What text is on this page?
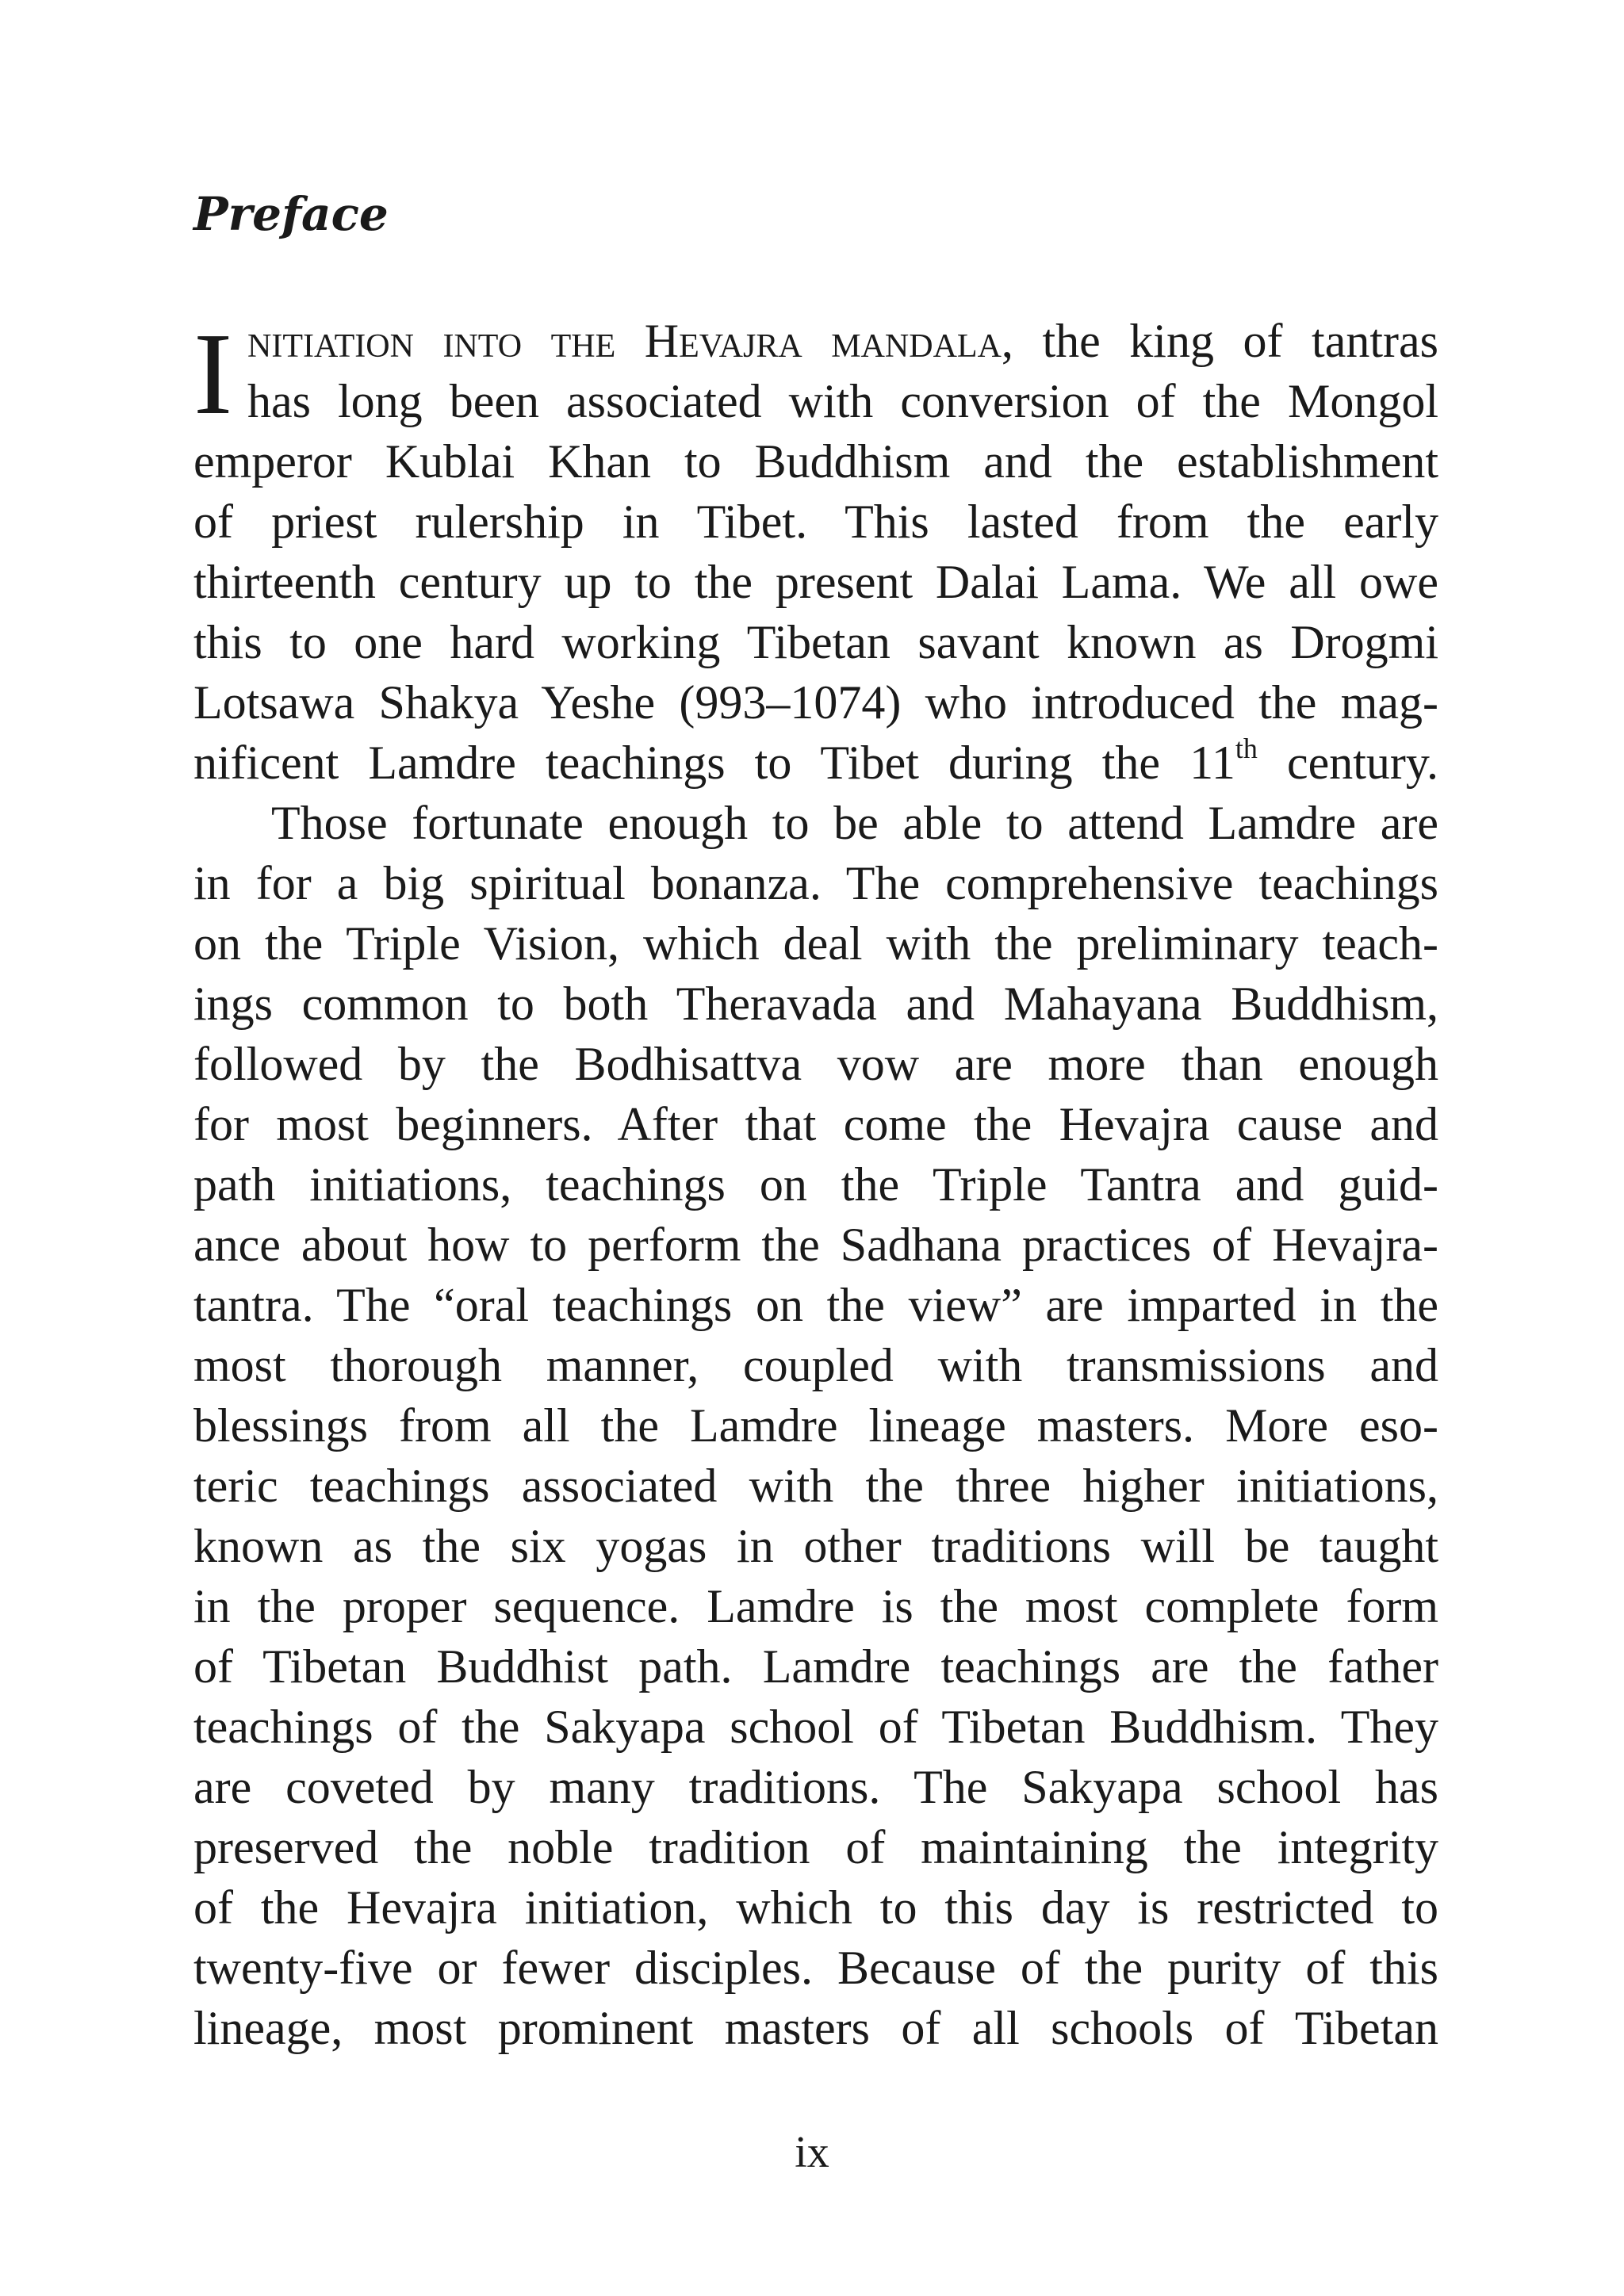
Preface
I nitiation into the Hevajra mandala, the king of tantras
has long been associated with conversion of the Mongol
emperor Kublai Khan to Buddhism and the establishment
of priest rulership in Tibet. This lasted from the early
thirteenth century up to the present Dalai Lama. We all owe
this to one hard working Tibetan savant known as Drogmi
Lotsawa Shakya Yeshe (993–1074) who introduced the mag-
nificent Lamdre teachings to Tibet during the 11th century.
Those fortunate enough to be able to attend Lamdre are
in for a big spiritual bonanza. The comprehensive teachings
on the Triple Vision, which deal with the preliminary teach-
ings common to both Theravada and Mahayana Buddhism,
followed by the Bodhisattva vow are more than enough
for most beginners. After that come the Hevajra cause and
path initiations, teachings on the Triple Tantra and guid-
ance about how to perform the Sadhana practices of Hevajra-
tantra. The “oral teachings on the view” are imparted in the
most thorough manner, coupled with transmissions and
blessings from all the Lamdre lineage masters. More eso-
teric teachings associated with the three higher initiations,
known as the six yogas in other traditions will be taught
in the proper sequence. Lamdre is the most complete form
of Tibetan Buddhist path. Lamdre teachings are the father
teachings of the Sakyapa school of Tibetan Buddhism. They
are coveted by many traditions. The Sakyapa school has
preserved the noble tradition of maintaining the integrity
of the Hevajra initiation, which to this day is restricted to
twenty-five or fewer disciples. Because of the purity of this
lineage, most prominent masters of all schools of Tibetan
ix
